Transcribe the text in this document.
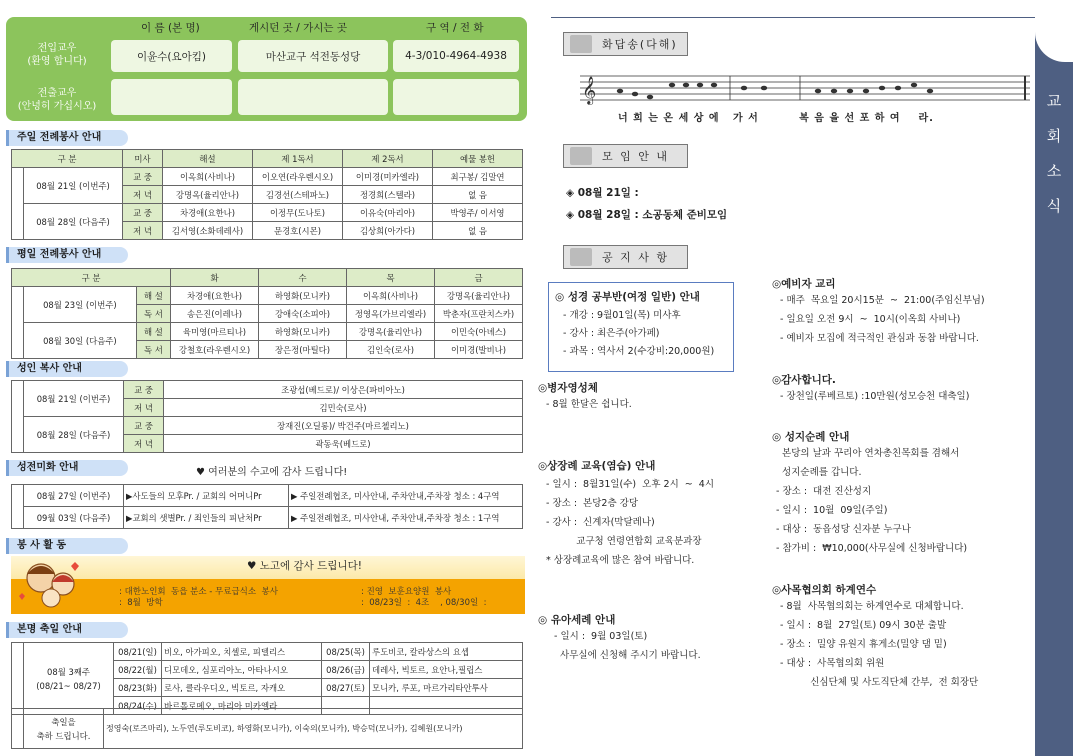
이 름 (본 명)	게시던 곳 / 가시는 곳	구 역 / 전 화
전입교우
(환영 합니다)	이윤수(요아킴)	마산교구 석전동성당	4-3/010-4964-4938
전출교우
(안녕히 가십시오)
주일 전례봉사 안내
구 분		미사	해설	제 1독서	제 2독서	예물 봉헌
	08월 21일 (이번주)	교 중	이옥희(사비나)	이오연(라우렌시오)	이미경(미카엘라)	최구봉/ 김말연
		저 녁	강명옥(율리안나)	김경선(스테파노)	정경희(스텔라)	없 음
	08월 28일 (다음주)	교 중	차경애(요한나)	이정무(도나토)	이유숙(마리아)	박영주/ 이서영
		저 녁	김서영(소화데레사)	문경호(시몬)	김상희(아가다)	없 음
평일 전례봉사 안내
구 분			화	수	목	금
	08월 23일 (이번주)	해 설	차경애(요한나)	하영화(모니카)	이옥희(사비나)	강명옥(율리안나)
		독 서	송은진(이레나)	강애숙(소피아)	정영옥(가브리엘라)	박춘자(프란치스카)
	08월 30일 (다음주)	해 설	육미영(마르티나)	하영화(모니카)	강명옥(율리안나)	이민숙(아녜스)
		독 서	강철호(라우렌시오)	장은정(마틸다)	김인숙(로사)	이미경(발비나)
성인 복사 안내
	08월 21일 (이번주)	교 중	조광섭(베드로)/ 이상은(파비아노)
		저 녁	김민숙(로사)
	08월 28일 (다음주)	교 중	장재진(오딜롱)/ 박건주(마르첼리노)
		저 녁	곽동욱(베드로)
성전미화 안내	♥ 여러분의 수고에 감사 드립니다!
	08월 27일 (이번주)	▶사도들의 모후Pr. / 교회의 어머니Pr	▶ 주일전례협조, 미사안내, 주차안내,주차장 청소 : 4구역
	09월 03일 (다음주)	▶교회의 샛별Pr. / 죄인들의 피난처Pr	▶ 주일전례협조, 미사안내, 주차안내,주차장 청소 : 1구역
봉 사 활 동
♥ 노고에 감사 드립니다!
: 대한노인회  동읍 분소 - 무료급식소  봉사
:  8월  방학
: 진영  보훈요양원  봉사
:  08/23일  :  4조    , 08/30일  :
본명 축일 안내
	08월 3째주
(08/21~ 08/27)	08/21(일)	비오, 아가피오, 치셀로, 피델리스	08/25(목)	루도비코, 칼라상스의 요셉
		08/22(월)	디모데오, 심포리아노, 아타나시오	08/26(금)	데레사, 빅토르, 요안나,필립스
		08/23(화)	로사, 클라우디오, 빅토르, 자캐오	08/27(토)	모니카, 루포, 마르가리타안투사
		08/24(수)	바르톨로메오, 마리아 미카엘라		
	축일을
축하 드립니다.	정영숙(로즈마리), 노두연(루도비코), 하영화(모니카), 이숙의(모니카), 박승덕(모니카), 김혜원(모니카)
교
회
소
식
화답송(다해)
𝄞
너 희 는 온 세 상 에   가 서         복 음 을 선 포 하 여    라.
모 임 안 내
◈ 08월 21일 :
◈ 08월 28일 : 소공동체 준비모임
공 지 사 항
◎ 성경 공부반(여정 일반) 안내
- 개강 : 9월01일(목) 미사후
- 강사 : 최은주(아가페)
- 과목 : 역사서 2(수강비:20,000원)
◎병자영성체
- 8월 한달은 쉽니다.
◎상장례 교육(염습) 안내
- 일시 :  8월31일(수)  오후 2시  ~  4시
- 장소 :  본당2층 강당
- 강사 :  신계자(막달레나)
교구청 연령연합회 교육분과장
* 상장례교육에 많은 참여 바랍니다.
◎ 유아세례 안내
- 일시 :  9월 03일(토)
사무실에 신청해 주시기 바랍니다.
◎예비자 교리
- 매주  목요일 20시15분  ~  21:00(주임신부님)
- 일요일 오전 9시  ~  10시(이옥희 사비나)
- 예비자 모집에 적극적인 관심과 동참 바랍니다.
◎감사합니다.
- 장천일(루베르토) :10만원(성모승천 대축일)
◎ 성지순례 안내
본당의 날과 꾸리아 연차총친목회를 겸해서
성지순례를 갑니다.
- 장소 :  대전 진산성지
- 일시 :  10월  09일(주일)
- 대상 :  동읍성당 신자분 누구나
- 참가비 :  ₩10,000(사무실에 신청바랍니다)
◎사목협의회 하계연수
- 8월  사목협의회는 하계연수로 대체합니다.
- 일시 :  8월  27일(토) 09시 30분 출발
- 장소 :  밀양 유원지 휴게소(밀양 댐 밑)
- 대상 :  사목협의회 위원
신심단체 및 사도직단체 간부,  전 회장단
